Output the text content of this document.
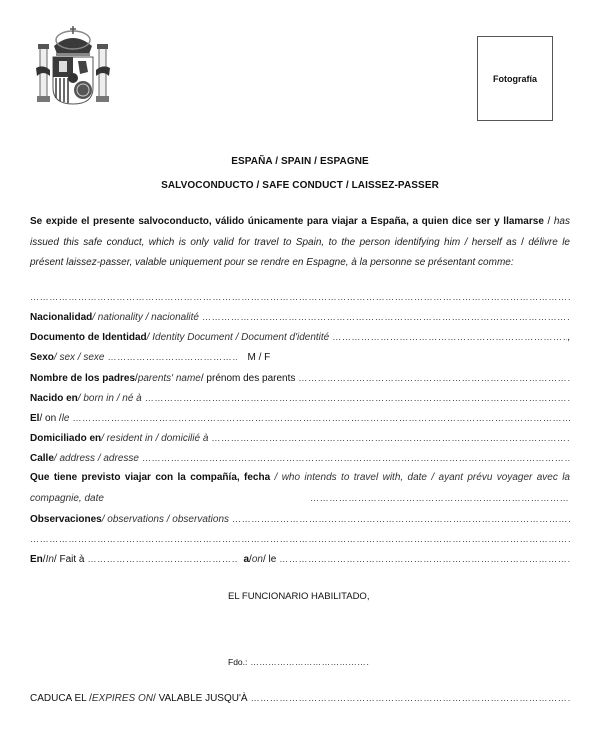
Fotografía
ESPAÑA / SPAIN / ESPAGNE
SALVOCONDUCTO / SAFE CONDUCT / LAISSEZ-PASSER
Se expide el presente salvoconducto, válido únicamente para viajar a España, a quien dice ser y llamarse / has issued this safe conduct, which is only valid for travel to Spain, to the person identifying him / herself as / délivre le présent laissez-passer, valable uniquement pour se rendre en Espagne, à la personne se présentant comme:
……………………………………………………………………………………………………………………………………………………………………………………………………………………
Nacionalidad / nationality / nacionalité
……………………………………………………………………………………………………………………………………………………………………………………………………………………
Documento de Identidad / Identity Document / Document d'identité ……………………………………………………………………………………………………………………………………………………………………………………………………………………	,
Sexo / sex / sexe ……………………………………………………………………………………………………………………………………………………………………………………………………………………	M / F
Nombre de los padres / parents' name / prénom des parents
……………………………………………………………………………………………………………………………………………………………………………………………………………………
Nacido en / born in / né à
……………………………………………………………………………………………………………………………………………………………………………………………………………………
El / on / le
……………………………………………………………………………………………………………………………………………………………………………………………………………………
Domiciliado en / resident in / domicilié à
……………………………………………………………………………………………………………………………………………………………………………………………………………………
Calle / address / adresse
……………………………………………………………………………………………………………………………………………………………………………………………………………………
Que tiene previsto viajar con la compañía, fecha / who intends to travel with, date / ayant prévu voyager avec la compagnie, date
……………………………………………………………………………………………………………………………………………………………………………………………………………………
Observaciones / observations / observations
……………………………………………………………………………………………………………………………………………………………………………………………………………………
……………………………………………………………………………………………………………………………………………………………………………………………………………………
En / In / Fait à ……………………………………………………………………………………………………………………………………………………………………………………………………………………	a / on / le
……………………………………………………………………………………………………………………………………………………………………………………………………………………
EL FUNCIONARIO HABILITADO,
Fdo.:
……………………………………………………
CADUCA EL / EXPIRES ON / VALABLE JUSQU'À
……………………………………………………………………………………………………………………………………………………………………………………………………………………
